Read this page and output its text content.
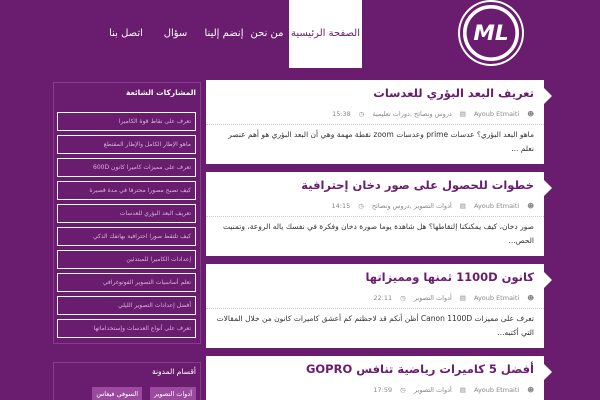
ML
الصفحة الرئيسية
من نحن
إنضم إلينا
سؤال
اتصل بنا
تعريف البعد البؤري للعدسات
☻
Ayoub Etmaiti
▤
دروس ونصائح ,دورات تعليمية
◷
15:38
ماهو البعد البؤري؟ عدسات prime وعدسات zoom نقطة مهمة وهي أن البعد البؤري هو أهم عنصر نعلم ...
خطوات للحصول على صور دخان إحترافية
☻
Ayoub Etmaiti
▤
أدوات التصوير ,دروس ونصائح
◷
14:15
صور دخان، كيف يمكنكنا إلتقاطها؟ هل شاهدة يوما صورة دخان وفكرة في نفسك ياله الروعة، وتمنيت الحص...
كانون 1100D ثمنها ومميزاتها
☻
Ayoub Etmaiti
▤
أدوات التصوير
◷
22:11
تعرف على مميزات Canon 1100D أظن أنكم قد لاحظتم كم أعشق كاميرات كانون من خلال المقالات التي أكتبه...
أفضل 5 كاميرات رياضية تنافس GOPRO
☻
Ayoub Etmaiti
▤
أدوات التصوير
◷
17:59
المشاركات الشائعة
تعرف على نقاط قوة الكاميرا
ماهو الإطار الكامل والإطار المقتطع
تعرف على مميزات كاميرا كانون 600D
كيف تصبح مصورا محترفا في مدة قصيرة
تعريف البعد البؤري للعدسات
كيف تلتقط صورا احترافية بهاتفك الذكي
إعدادات الكاميرا للمبتدئين
تعلم أساسيات التصوير الفوتوغرافي
أفضل إعدادات التصوير الليلي
تعرف على أنواع العدسات وإستخداماتها
أقسام المدونة
أدوات التصوير
السوفي فيغاس
